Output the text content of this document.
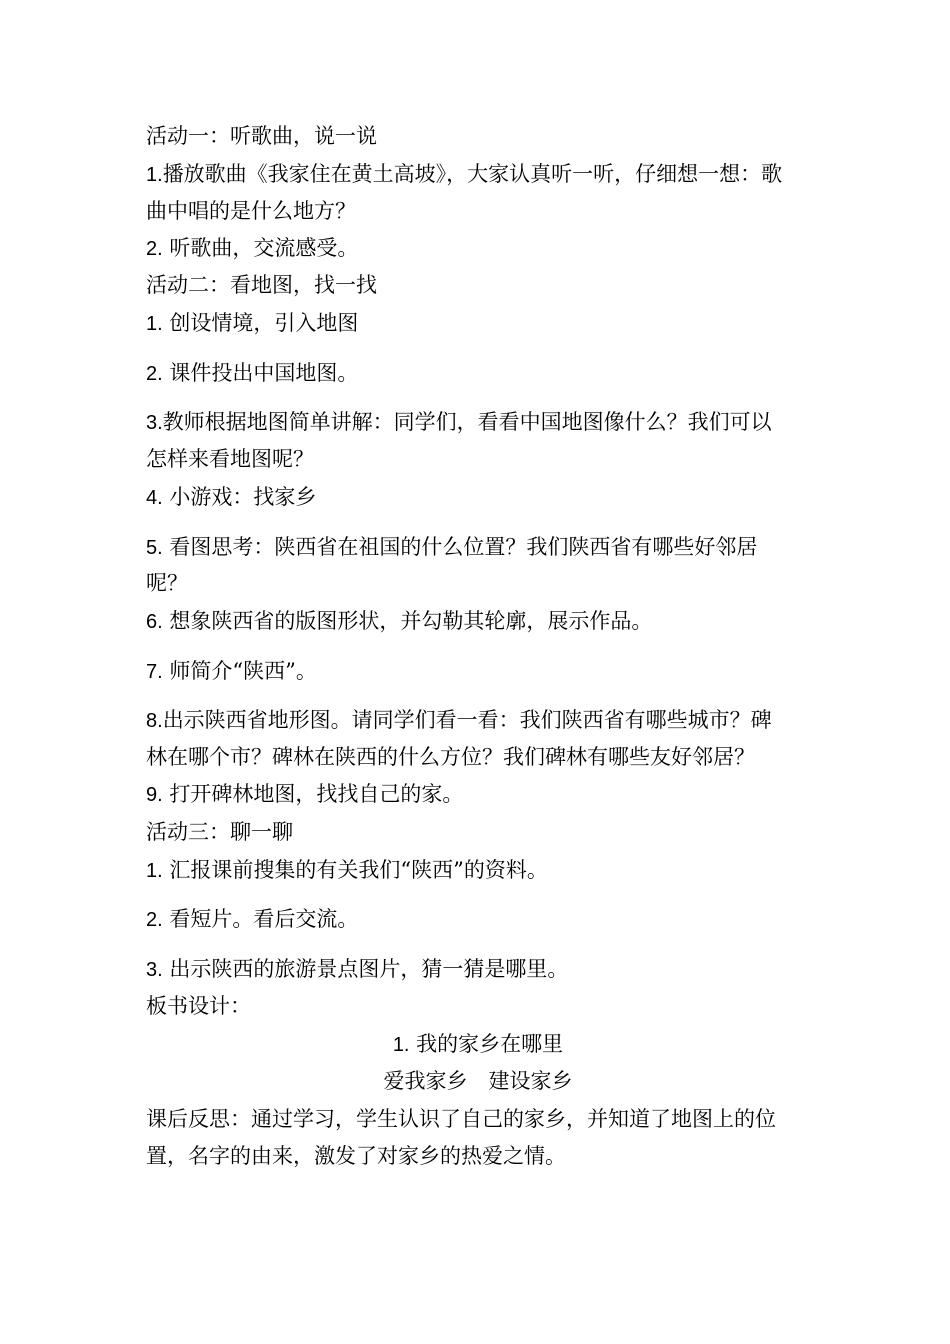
活动一：听歌曲，说一说
1.播放歌曲《我家住在黄土高坡》，大家认真听一听，仔细想一想：歌
曲中唱的是什么地方？
2. 听歌曲，交流感受。
活动二：看地图，找一找
1. 创设情境，引入地图
2. 课件投出中国地图。
3.教师根据地图简单讲解：同学们，看看中国地图像什么？我们可以
怎样来看地图呢？
4. 小游戏：找家乡
5. 看图思考：陕西省在祖国的什么位置？我们陕西省有哪些好邻居
呢？
6. 想象陕西省的版图形状，并勾勒其轮廓，展示作品。
7. 师简介“陕西”。
8.出示陕西省地形图。请同学们看一看：我们陕西省有哪些城市？碑
林在哪个市？碑林在陕西的什么方位？我们碑林有哪些友好邻居？
9. 打开碑林地图，找找自己的家。
活动三：聊一聊
1. 汇报课前搜集的有关我们“陕西”的资料。
2. 看短片。看后交流。
3. 出示陕西的旅游景点图片，猜一猜是哪里。
板书设计：
1. 我的家乡在哪里
爱我家乡　建设家乡
课后反思：通过学习，学生认识了自己的家乡，并知道了地图上的位
置，名字的由来，激发了对家乡的热爱之情。
